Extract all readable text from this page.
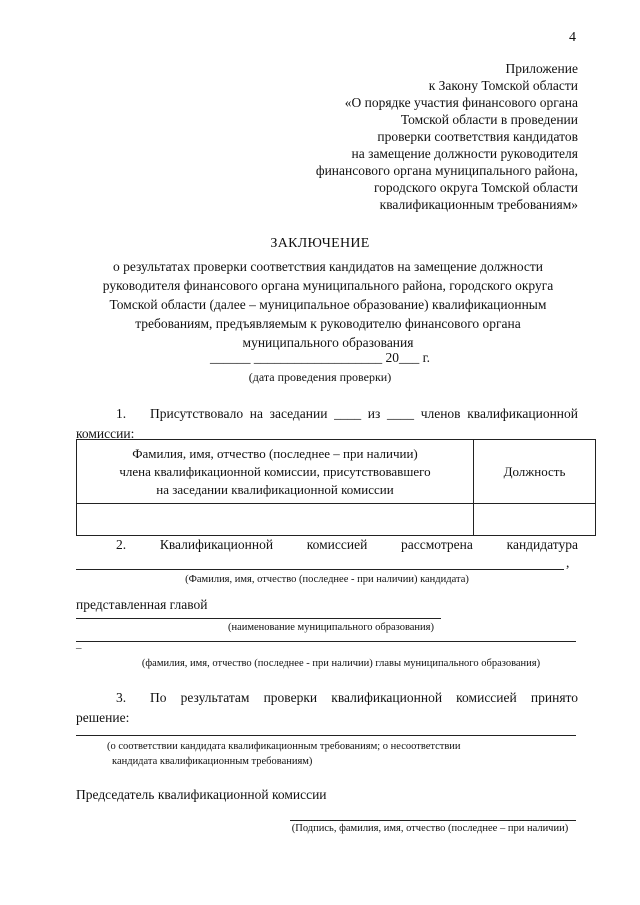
4
Приложение
к Закону Томской области
«О порядке участия финансового органа
Томской области в проведении
проверки соответствия кандидатов
на замещение должности руководителя
финансового органа муниципального района,
городского округа Томской области
квалификационным требованиям»
ЗАКЛЮЧЕНИЕ
о результатах проверки соответствия кандидатов на замещение должности
руководителя финансового органа муниципального района, городского округа
Томской области (далее – муниципальное образование) квалификационным
требованиям, предъявляемым к руководителю финансового органа
муниципального образования
______ ___________________ 20___ г.
(дата проведения проверки)
1. Присутствовало на заседании ____ из ____ членов квалификационной
комиссии:
Фамилия, имя, отчество (последнее – при наличии)
члена квалификационной комиссии, присутствовавшего
на заседании квалификационной комиссии	Должность

2. Квалификационной комиссией рассмотрена кандидатура
,
(Фамилия, имя, отчество (последнее - при наличии) кандидата)
представленная главой
(наименование муниципального образования)
–
(фамилия, имя, отчество (последнее - при наличии) главы муниципального образования)
3. По результатам проверки квалификационной комиссией принято
решение:
(о соответствии кандидата квалификационным требованиям; о несоответствии
кандидата квалификационным требованиям)
Председатель квалификационной комиссии
(Подпись, фамилия, имя, отчество (последнее – при наличии)
